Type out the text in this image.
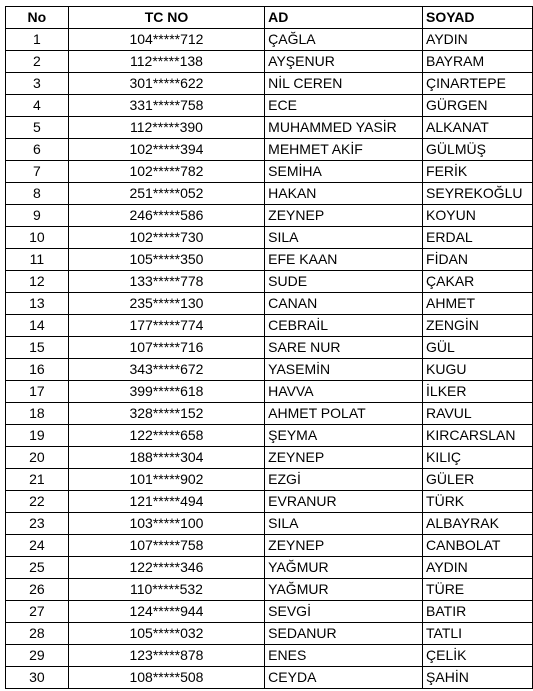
No	TC NO	AD	SOYAD
1	104*****712	ÇAĞLA	AYDIN
2	112*****138	AYŞENUR	BAYRAM
3	301*****622	NİL CEREN	ÇINARTEPE
4	331*****758	ECE	GÜRGEN
5	112*****390	MUHAMMED YASİR	ALKANAT
6	102*****394	MEHMET AKİF	GÜLMÜŞ
7	102*****782	SEMİHA	FERİK
8	251*****052	HAKAN	SEYREKOĞLU
9	246*****586	ZEYNEP	KOYUN
10	102*****730	SILA	ERDAL
11	105*****350	EFE KAAN	FİDAN
12	133*****778	SUDE	ÇAKAR
13	235*****130	CANAN	AHMET
14	177*****774	CEBRAİL	ZENGİN
15	107*****716	SARE NUR	GÜL
16	343*****672	YASEMİN	KUGU
17	399*****618	HAVVA	İLKER
18	328*****152	AHMET POLAT	RAVUL
19	122*****658	ŞEYMA	KIRCARSLAN
20	188*****304	ZEYNEP	KILIÇ
21	101*****902	EZGİ	GÜLER
22	121*****494	EVRANUR	TÜRK
23	103*****100	SILA	ALBAYRAK
24	107*****758	ZEYNEP	CANBOLAT
25	122*****346	YAĞMUR	AYDIN
26	110*****532	YAĞMUR	TÜRE
27	124*****944	SEVGİ	BATIR
28	105*****032	SEDANUR	TATLI
29	123*****878	ENES	ÇELİK
30	108*****508	CEYDA	ŞAHİN
